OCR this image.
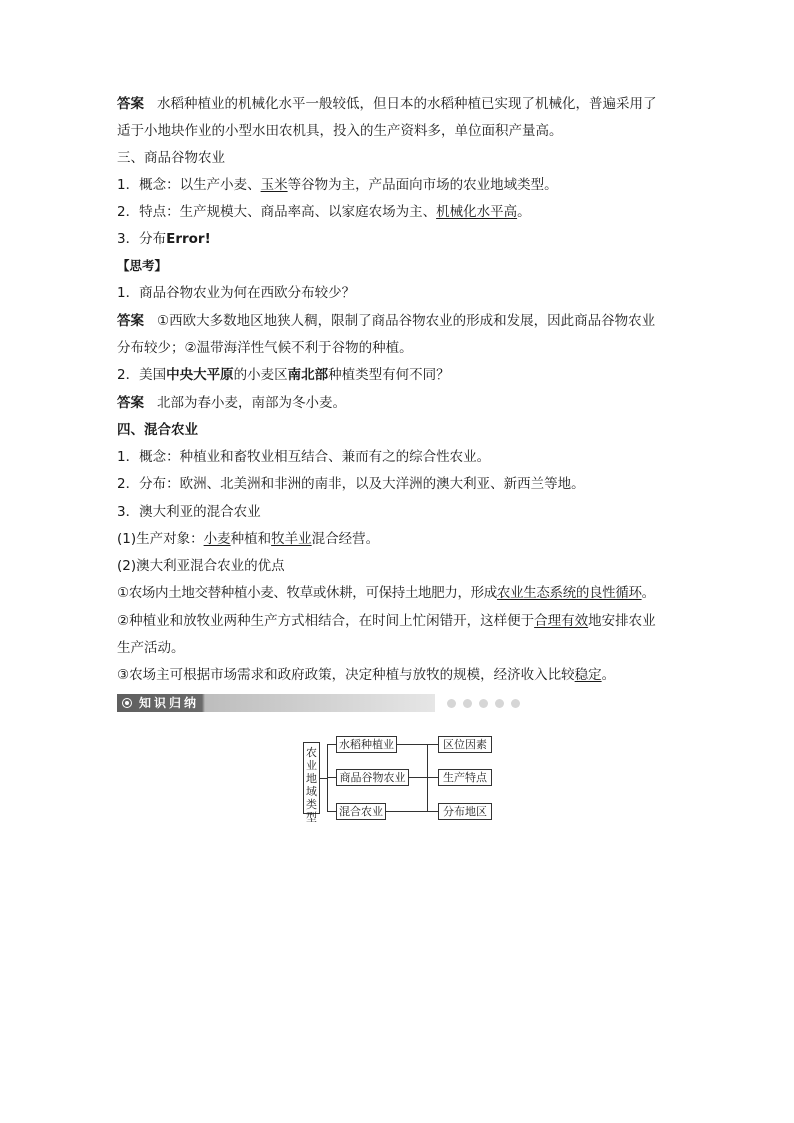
答案 水稻种植业的机械化水平一般较低，但日本的水稻种植已实现了机械化，普遍采用了
适于小地块作业的小型水田农机具，投入的生产资料多，单位面积产量高。
三、商品谷物农业
1．概念：以生产小麦、玉米等谷物为主，产品面向市场的农业地域类型。
2．特点：生产规模大、商品率高、以家庭农场为主、机械化水平高。
3．分布Error!
【思考】
1．商品谷物农业为何在西欧分布较少？
答案 ①西欧大多数地区地狭人稠，限制了商品谷物农业的形成和发展，因此商品谷物农业
分布较少；②温带海洋性气候不利于谷物的种植。
2．美国中央大平原的小麦区南北部种植类型有何不同？
答案 北部为春小麦，南部为冬小麦。
四、混合农业
1．概念：种植业和畜牧业相互结合、兼而有之的综合性农业。
2．分布：欧洲、北美洲和非洲的南非，以及大洋洲的澳大利亚、新西兰等地。
3．澳大利亚的混合农业
(1)生产对象：小麦种植和牧羊业混合经营。
(2)澳大利亚混合农业的优点
①农场内土地交替种植小麦、牧草或休耕，可保持土地肥力，形成农业生态系统的良性循环。
②种植业和放牧业两种生产方式相结合，在时间上忙闲错开，这样便于合理有效地安排农业
生产活动。
③农场主可根据市场需求和政府政策，决定种植与放牧的规模，经济收入比较稳定。
知识归纳
农业地域类型
水稻种植业
商品谷物农业
混合农业
区位因素
生产特点
分布地区
